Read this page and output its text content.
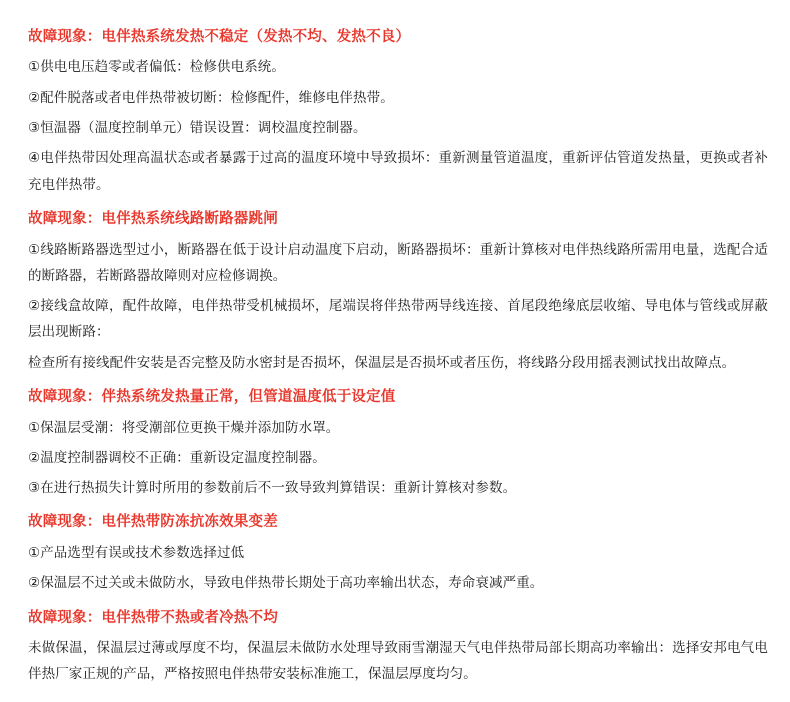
故障现象：电伴热系统发热不稳定（发热不均、发热不良）
①供电电压趋零或者偏低：检修供电系统。
②配件脱落或者电伴热带被切断：检修配件，维修电伴热带。
③恒温器（温度控制单元）错误设置：调校温度控制器。
④电伴热带因处理高温状态或者暴露于过高的温度环境中导致损坏：重新测量管道温度，重新评估管道发热量，更换或者补充电伴热带。
故障现象：电伴热系统线路断路器跳闸
①线路断路器选型过小，断路器在低于设计启动温度下启动，断路器损坏：重新计算核对电伴热线路所需用电量，选配合适的断路器，若断路器故障则对应检修调换。
②接线盒故障，配件故障，电伴热带受机械损坏，尾端误将伴热带两导线连接、首尾段绝缘底层收缩、导电体与管线或屏蔽层出现断路：
检查所有接线配件安装是否完整及防水密封是否损坏，保温层是否损坏或者压伤，将线路分段用摇表测试找出故障点。
故障现象：伴热系统发热量正常，但管道温度低于设定值
①保温层受潮：将受潮部位更换干燥并添加防水罩。
②温度控制器调校不正确：重新设定温度控制器。
③在进行热损失计算时所用的参数前后不一致导致判算错误：重新计算核对参数。
故障现象：电伴热带防冻抗冻效果变差
①产品选型有误或技术参数选择过低
②保温层不过关或未做防水，导致电伴热带长期处于高功率输出状态，寿命衰减严重。
故障现象：电伴热带不热或者冷热不均
未做保温，保温层过薄或厚度不均，保温层未做防水处理导致雨雪潮湿天气电伴热带局部长期高功率输出：选择安邦电气电伴热厂家正规的产品，严格按照电伴热带安装标准施工，保温层厚度均匀。
